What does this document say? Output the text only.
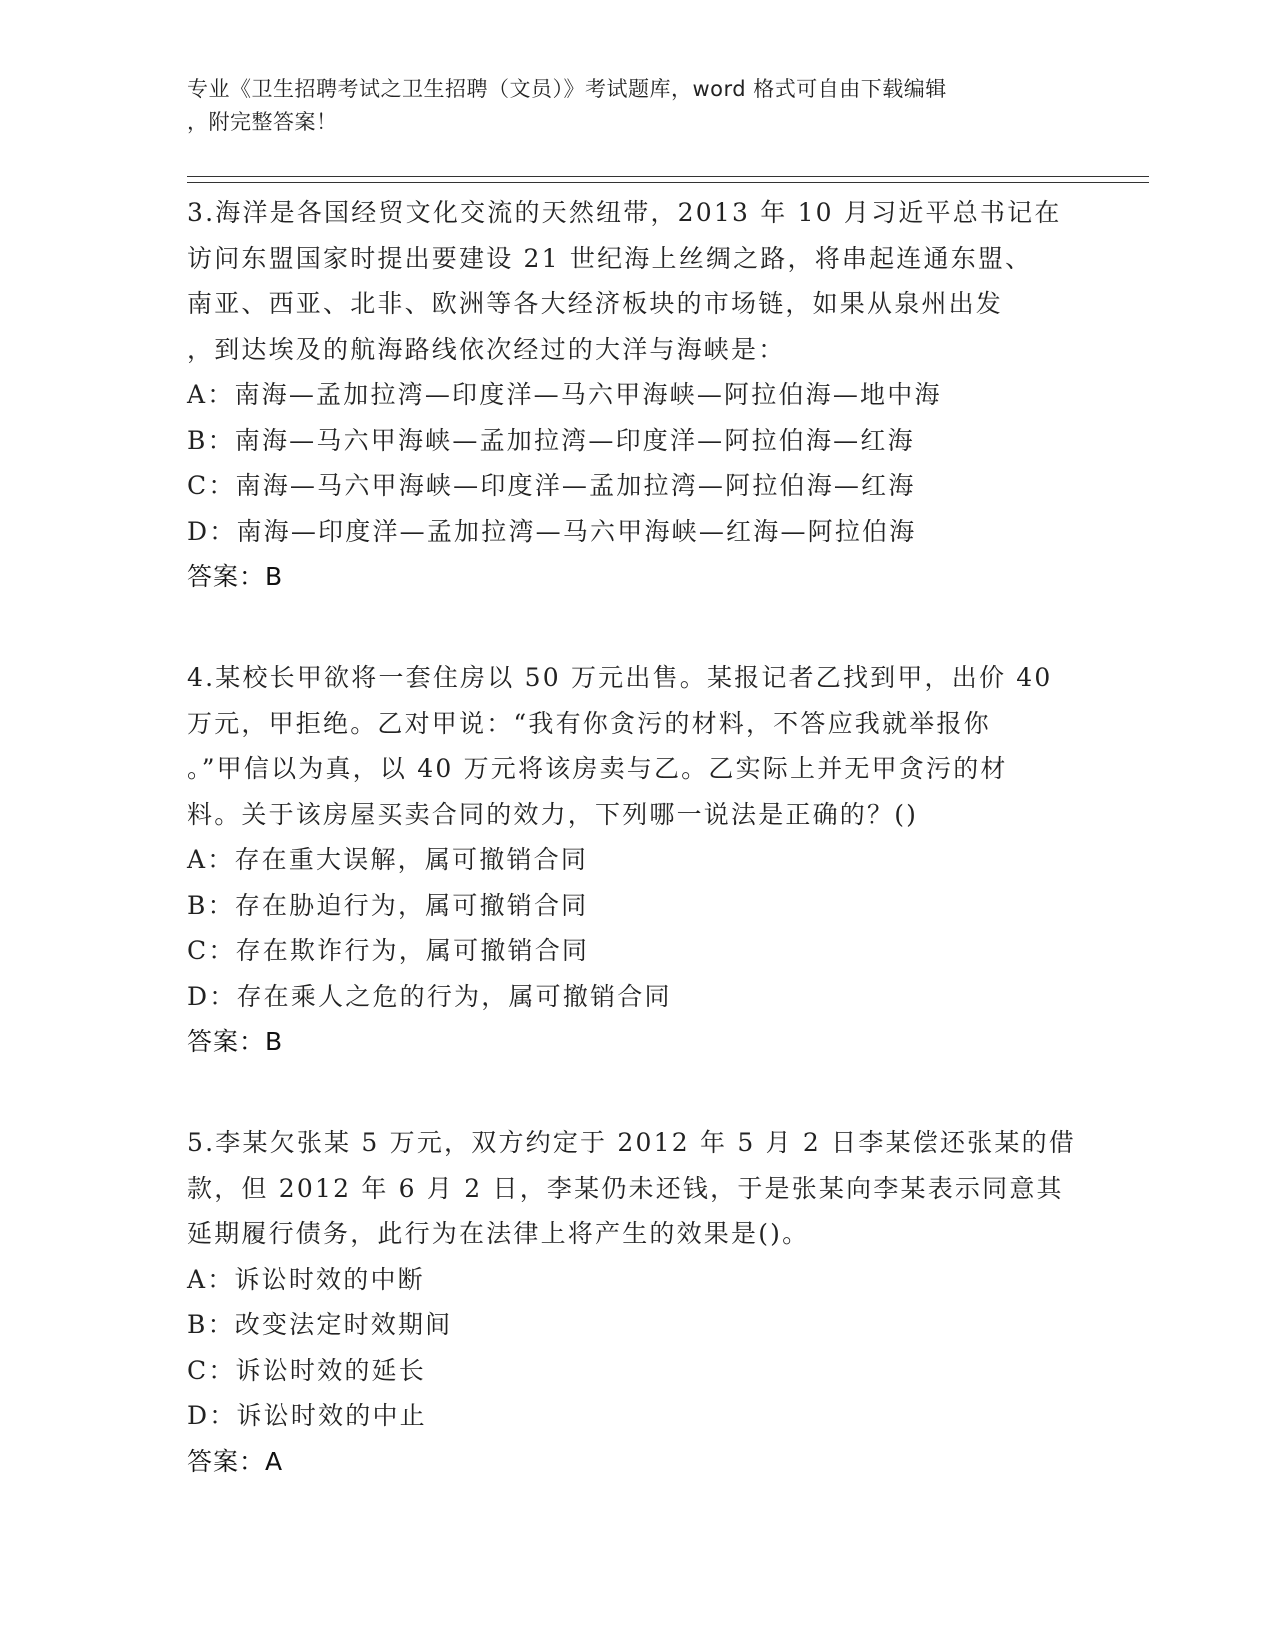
专业《卫生招聘考试之卫生招聘（文员）》考试题库，word 格式可自由下载编辑
，附完整答案！
3.海洋是各国经贸文化交流的天然纽带，2013 年 10 月习近平总书记在
访问东盟国家时提出要建设 21 世纪海上丝绸之路，将串起连通东盟、
南亚、西亚、北非、欧洲等各大经济板块的市场链，如果从泉州出发
，到达埃及的航海路线依次经过的大洋与海峡是：
A：南海—孟加拉湾—印度洋—马六甲海峡—阿拉伯海—地中海
B：南海—马六甲海峡—孟加拉湾—印度洋—阿拉伯海—红海
C：南海—马六甲海峡—印度洋—孟加拉湾—阿拉伯海—红海
D：南海—印度洋—孟加拉湾—马六甲海峡—红海—阿拉伯海
答案：B
4.某校长甲欲将一套住房以 50 万元出售。某报记者乙找到甲，出价 40
万元，甲拒绝。乙对甲说：“我有你贪污的材料，不答应我就举报你
。”甲信以为真，以 40 万元将该房卖与乙。乙实际上并无甲贪污的材
料。关于该房屋买卖合同的效力，下列哪一说法是正确的？()
A：存在重大误解，属可撤销合同
B：存在胁迫行为，属可撤销合同
C：存在欺诈行为，属可撤销合同
D：存在乘人之危的行为，属可撤销合同
答案：B
5.李某欠张某 5 万元，双方约定于 2012 年 5 月 2 日李某偿还张某的借
款，但 2012 年 6 月 2 日，李某仍未还钱，于是张某向李某表示同意其
延期履行债务，此行为在法律上将产生的效果是()。
A：诉讼时效的中断
B：改变法定时效期间
C：诉讼时效的延长
D：诉讼时效的中止
答案：A
